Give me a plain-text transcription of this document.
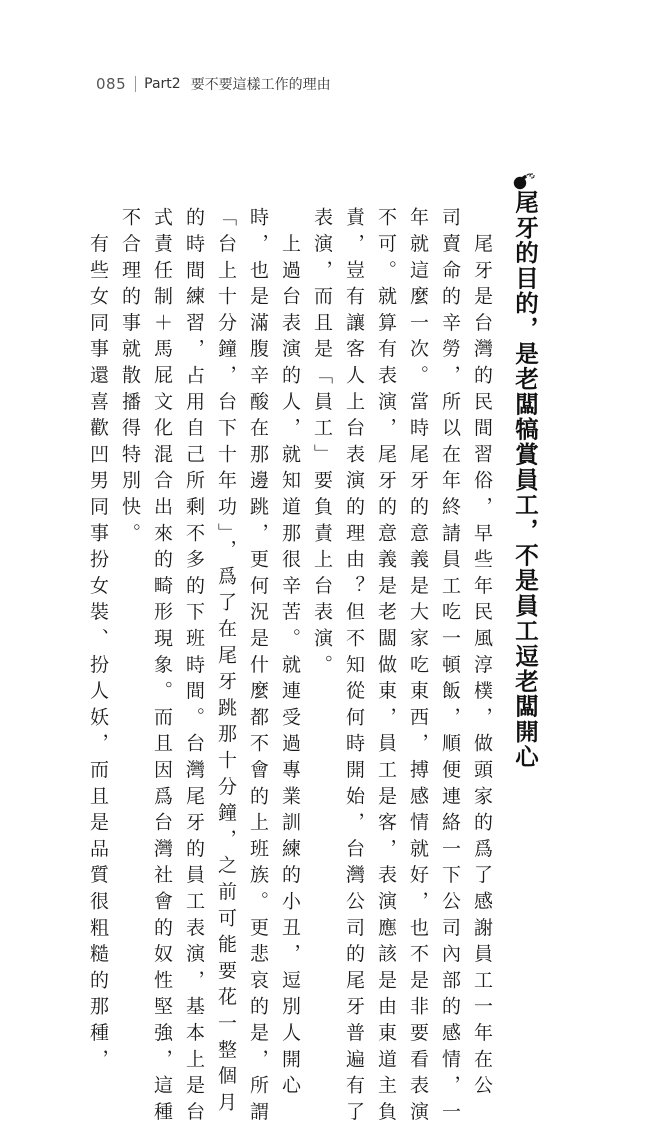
085 Part2 要不要這樣工作的理由
尾牙的目的，是老闆犒賞員工，不是員工逗老闆開心

　尾牙是台灣的民間習俗，早些年民風淳樸，做頭家的爲了感謝員工一年在公

司賣命的辛勞，所以在年終請員工吃一頓飯，順便連絡一下公司內部的感情，一

年就這麼一次。當時尾牙的意義是大家吃東西，搏感情就好，也不是非要看表演

不可。就算有表演，尾牙的意義是老闆做東，員工是客，表演應該是由東道主負

責，豈有讓客人上台表演的理由？但不知從何時開始，台灣公司的尾牙普遍有了

表演，而且是「員工」要負責上台表演。

　上過台表演的人，就知道那很辛苦。就連受過專業訓練的小丑，逗別人開心

時，也是滿腹辛酸在那邊跳，更何況是什麼都不會的上班族。更悲哀的是，所謂

「台上十分鐘，台下十年功」，爲了在尾牙跳那十分鐘，之前可能要花一整個月

的時間練習，占用自己所剩不多的下班時間。台灣尾牙的員工表演，基本上是台

式責任制＋馬屁文化混合出來的畸形現象。而且因爲台灣社會的奴性堅強，這種

不合理的事就散播得特別快。

　有些女同事還喜歡凹男同事扮女裝、扮人妖，而且是品質很粗糙的那種，
